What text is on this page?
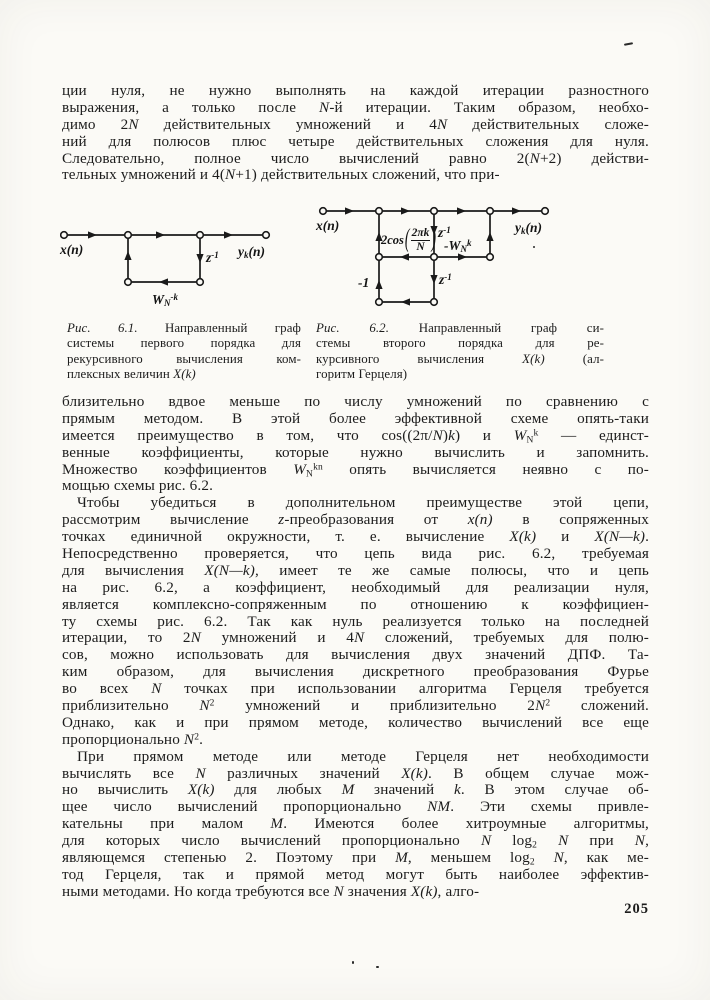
ции нуля, не нужно выполнять на каждой итерации разностного
выражения, а только после N-й итерации. Таким образом, необхо-
димо 2N действительных умножений и 4N действительных сложе-
ний для полюсов плюс четыре действительных сложения для нуля.
Следовательно, полное число вычислений равно 2(N+2) действи-
тельных умножений и 4(N+1) действительных сложений, что при-
x(n)	$y_k(n)$
$z^{-1}$
$W_N^{-k}$
x(n)	$y_k(n)$
2cos ( $\frac{2\pi k}{N}$ ) $z^{-1}$
$-W_N^k$
-1	$z^{-1}$
Рис. 6.1. Направленный граф
системы первого порядка для
рекурсивного вычисления ком-
плексных величин X(k)
Рис. 6.2. Направленный граф си-
стемы второго порядка для ре-
курсивного вычисления X(k) (ал-
горитм Герцеля)
близительно вдвое меньше по числу умножений по сравнению с
прямым методом. В этой более эффективной схеме опять-таки
имеется преимущество в том, что cos((2π/N)k) и $W_N^k$ — единст-
венные коэффициенты, которые нужно вычислить и запомнить.
Множество коэффициентов $W_N^{kn}$ опять вычисляется неявно с по-
мощью схемы рис. 6.2.
Чтобы убедиться в дополнительном преимуществе этой цепи,
рассмотрим вычисление z-преобразования от x(n) в сопряженных
точках единичной окружности, т. е. вычисление X(k) и X(N—k).
Непосредственно проверяется, что цепь вида рис. 6.2, требуемая
для вычисления X(N—k), имеет те же самые полюсы, что и цепь
на рис. 6.2, а коэффициент, необходимый для реализации нуля,
является комплексно-сопряженным по отношению к коэффициен-
ту схемы рис. 6.2. Так как нуль реализуется только на последней
итерации, то 2N умножений и 4N сложений, требуемых для полю-
сов, можно использовать для вычисления двух значений ДПФ. Та-
ким образом, для вычисления дискретного преобразования Фурье
во всех N точках при использовании алгоритма Герцеля требуется
приблизительно $N^2$ умножений и приблизительно $2N^2$ сложений.
Однако, как и при прямом методе, количество вычислений все еще
пропорционально $N^2$.
При прямом методе или методе Герцеля нет необходимости
вычислять все N различных значений X(k). В общем случае мож-
но вычислить X(k) для любых M значений k. В этом случае об-
щее число вычислений пропорционально NM. Эти схемы привле-
кательны при малом M. Имеются более хитроумные алгоритмы,
для которых число вычислений пропорционально N $\log_2 N$ при N,
являющемся степенью 2. Поэтому при M, меньшем $\log_2 N$, как ме-
тод Герцеля, так и прямой метод могут быть наиболее эффектив-
ными методами. Но когда требуются все N значения X(k), алго-
205
